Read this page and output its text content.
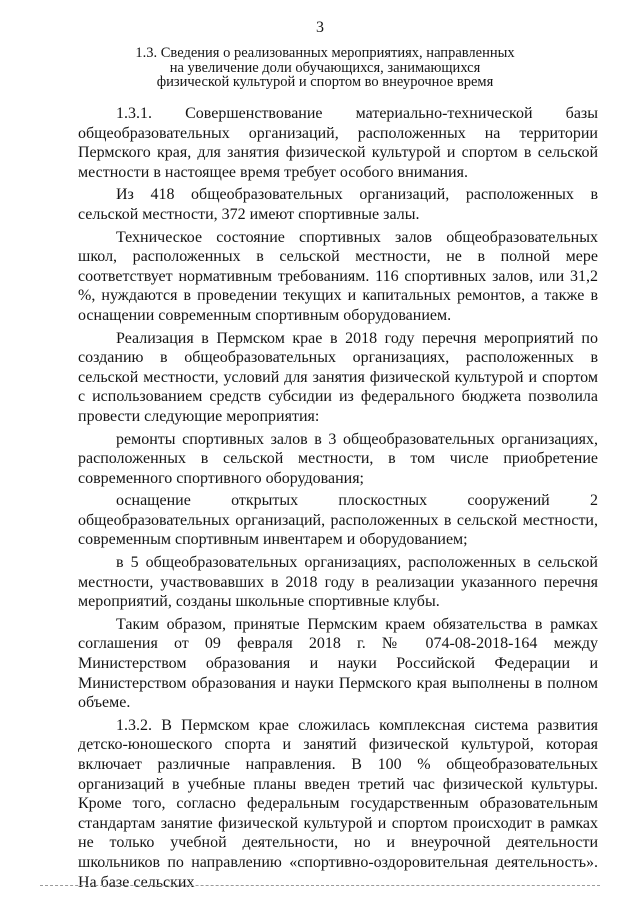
3
1.3. Сведения о реализованных мероприятиях, направленных
на увеличение доли обучающихся, занимающихся
физической культурой и спортом во внеурочное время

1.3.1. Совершенствование материально-технической базы общеобразовательных организаций, расположенных на территории Пермского края, для занятия физической культурой и спортом в сельской местности в настоящее время требует особого внимания.

Из 418 общеобразовательных организаций, расположенных в сельской местности, 372 имеют спортивные залы.

Техническое состояние спортивных залов общеобразовательных школ, расположенных в сельской местности, не в полной мере соответствует нормативным требованиям. 116 спортивных залов, или 31,2 %, нуждаются в проведении текущих и капитальных ремонтов, а также в оснащении современным спортивным оборудованием.

Реализация в Пермском крае в 2018 году перечня мероприятий по созданию в общеобразовательных организациях, расположенных в сельской местности, условий для занятия физической культурой и спортом с использованием средств субсидии из федерального бюджета позволила провести следующие мероприятия:

ремонты спортивных залов в 3 общеобразовательных организациях, расположенных в сельской местности, в том числе приобретение современного спортивного оборудования;

оснащение открытых плоскостных сооружений 2 общеобразовательных организаций, расположенных в сельской местности, современным спортивным инвентарем и оборудованием;

в 5 общеобразовательных организациях, расположенных в сельской местности, участвовавших в 2018 году в реализации указанного перечня мероприятий, созданы школьные спортивные клубы.

Таким образом, принятые Пермским краем обязательства в рамках соглашения от 09 февраля 2018 г. № 074-08-2018-164 между Министерством образования и науки Российской Федерации и Министерством образования и науки Пермского края выполнены в полном объеме.

1.3.2. В Пермском крае сложилась комплексная система развития детско-юношеского спорта и занятий физической культурой, которая включает различные направления. В 100 % общеобразовательных организаций в учебные планы введен третий час физической культуры. Кроме того, согласно федеральным государственным образовательным стандартам занятие физической культурой и спортом происходит в рамках не только учебной деятельности, но и внеурочной деятельности школьников по направлению «спортивно-оздоровительная деятельность». На базе сельских
